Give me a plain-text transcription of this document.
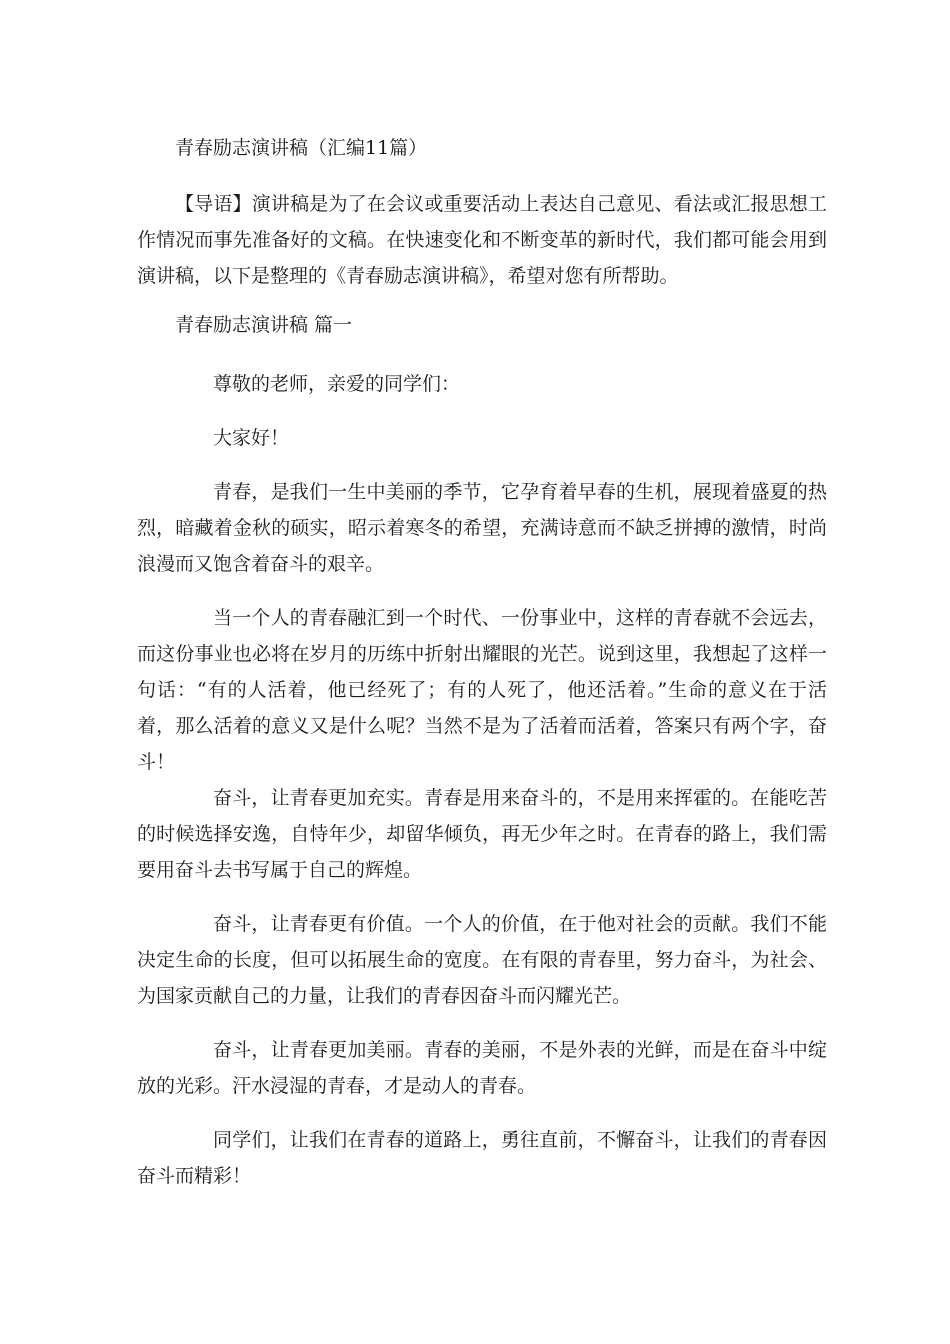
青春励志演讲稿（汇编11篇）
【导语】演讲稿是为了在会议或重要活动上表达自己意见、看法或汇报思想工作情况而事先准备好的文稿。在快速变化和不断变革的新时代，我们都可能会用到演讲稿，以下是整理的《青春励志演讲稿》，希望对您有所帮助。
青春励志演讲稿 篇一

尊敬的老师，亲爱的同学们：

大家好！

青春，是我们一生中美丽的季节，它孕育着早春的生机，展现着盛夏的热烈，暗藏着金秋的硕实，昭示着寒冬的希望，充满诗意而不缺乏拼搏的激情，时尚浪漫而又饱含着奋斗的艰辛。

当一个人的青春融汇到一个时代、一份事业中，这样的青春就不会远去，而这份事业也必将在岁月的历练中折射出耀眼的光芒。说到这里，我想起了这样一句话：“有的人活着，他已经死了；有的人死了，他还活着。”生命的意义在于活着，那么活着的意义又是什么呢？当然不是为了活着而活着，答案只有两个字，奋斗！

奋斗，让青春更加充实。青春是用来奋斗的，不是用来挥霍的。在能吃苦的时候选择安逸，自恃年少，却留华倾负，再无少年之时。在青春的路上，我们需要用奋斗去书写属于自己的辉煌。

奋斗，让青春更有价值。一个人的价值，在于他对社会的贡献。我们不能决定生命的长度，但可以拓展生命的宽度。在有限的青春里，努力奋斗，为社会、为国家贡献自己的力量，让我们的青春因奋斗而闪耀光芒。

奋斗，让青春更加美丽。青春的美丽，不是外表的光鲜，而是在奋斗中绽放的光彩。汗水浸湿的青春，才是动人的青春。

同学们，让我们在青春的道路上，勇往直前，不懈奋斗，让我们的青春因奋斗而精彩！
